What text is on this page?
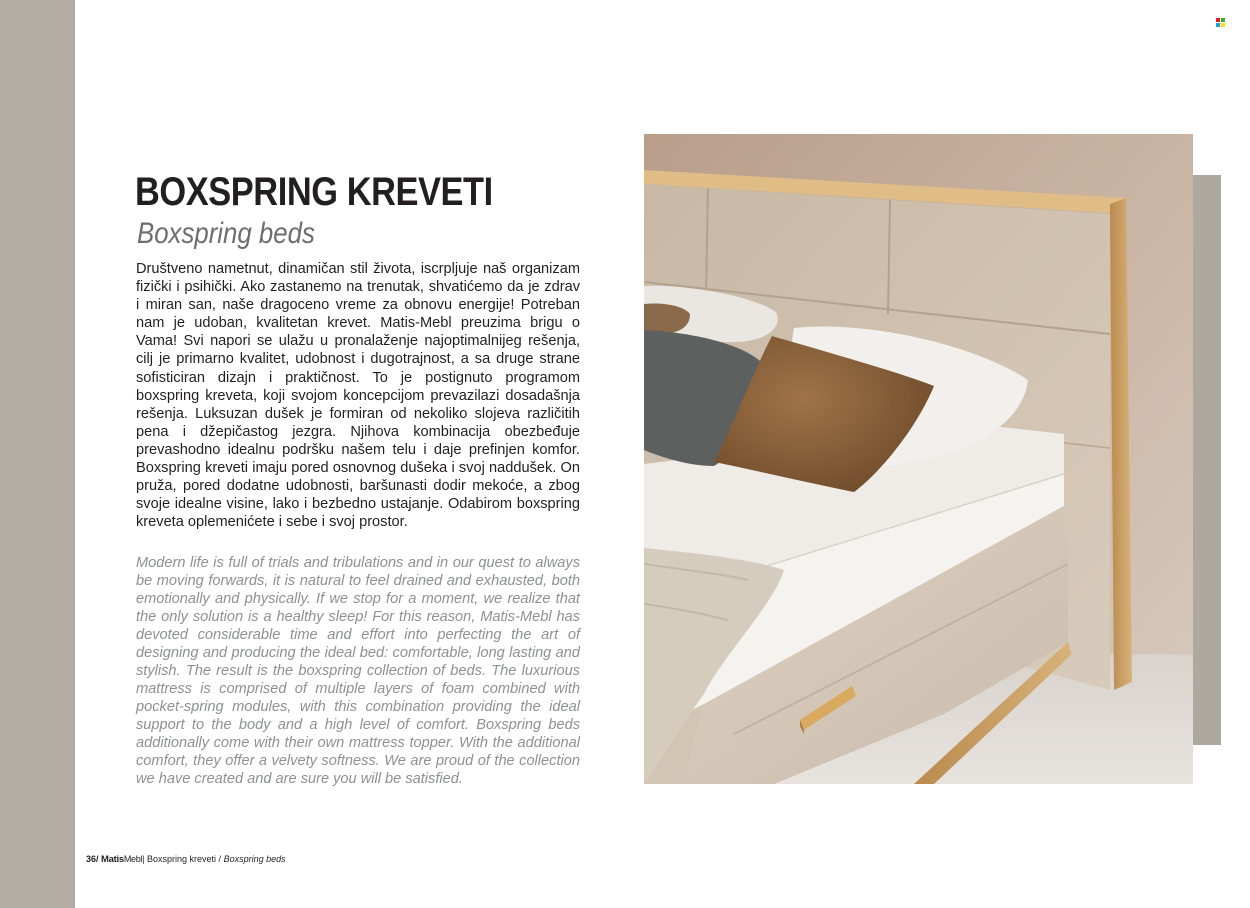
BOXSPRING KREVETI
Boxspring beds

Društveno nametnut, dinamičan stil života, iscrpljuje naš organizam fizički i psihički. Ako zastanemo na trenutak, shvatićemo da je zdrav i miran san, naše dragoceno vreme za obnovu energije! Potreban nam je udoban, kvalitetan krevet. Matis-Mebl preuzima brigu o Vama! Svi napori se ulažu u pronalaženje najoptimalnijeg rešenja, cilj je primarno kvalitet, udobnost i dugotrajnost, a sa druge strane sofisticiran dizajn i praktičnost. To je postignuto programom boxspring kreveta, koji svojom koncepcijom prevazilazi dosadašnja rešenja. Luksuzan dušek je formiran od nekoliko slojeva različitih pena i džepičastog jezgra. Njihova kombinacija obezbeđuje prevashodno idealnu podršku našem telu i daje prefinjen komfor. Boxspring kreveti imaju pored osnovnog dušeka i svoj naddušek. On pruža, pored dodatne udobnosti, baršunasti dodir mekoće, a zbog svoje idealne visine, lako i bezbedno ustajanje. Odabirom boxspring kreveta oplemenićete i sebe i svoj prostor.

Modern life is full of trials and tribulations and in our quest to always be moving forwards, it is natural to feel drained and exhausted, both emotionally and physically. If we stop for a moment, we realize that the only solution is a healthy sleep! For this reason, Matis-Mebl has devoted considerable time and effort into perfecting the art of designing and producing the ideal bed: comfortable, long lasting and stylish. The result is the boxspring collection of beds. The luxurious mattress is comprised of multiple layers of foam combined with pocket-spring modules, with this combination providing the ideal support to the body and a high level of comfort. Boxspring beds additionally come with their own mattress topper. With the additional comfort, they offer a velvety softness. We are proud of the collection we have created and are sure you will be satisfied.

36/ MatisMebl| Boxspring kreveti / Boxspring beds
